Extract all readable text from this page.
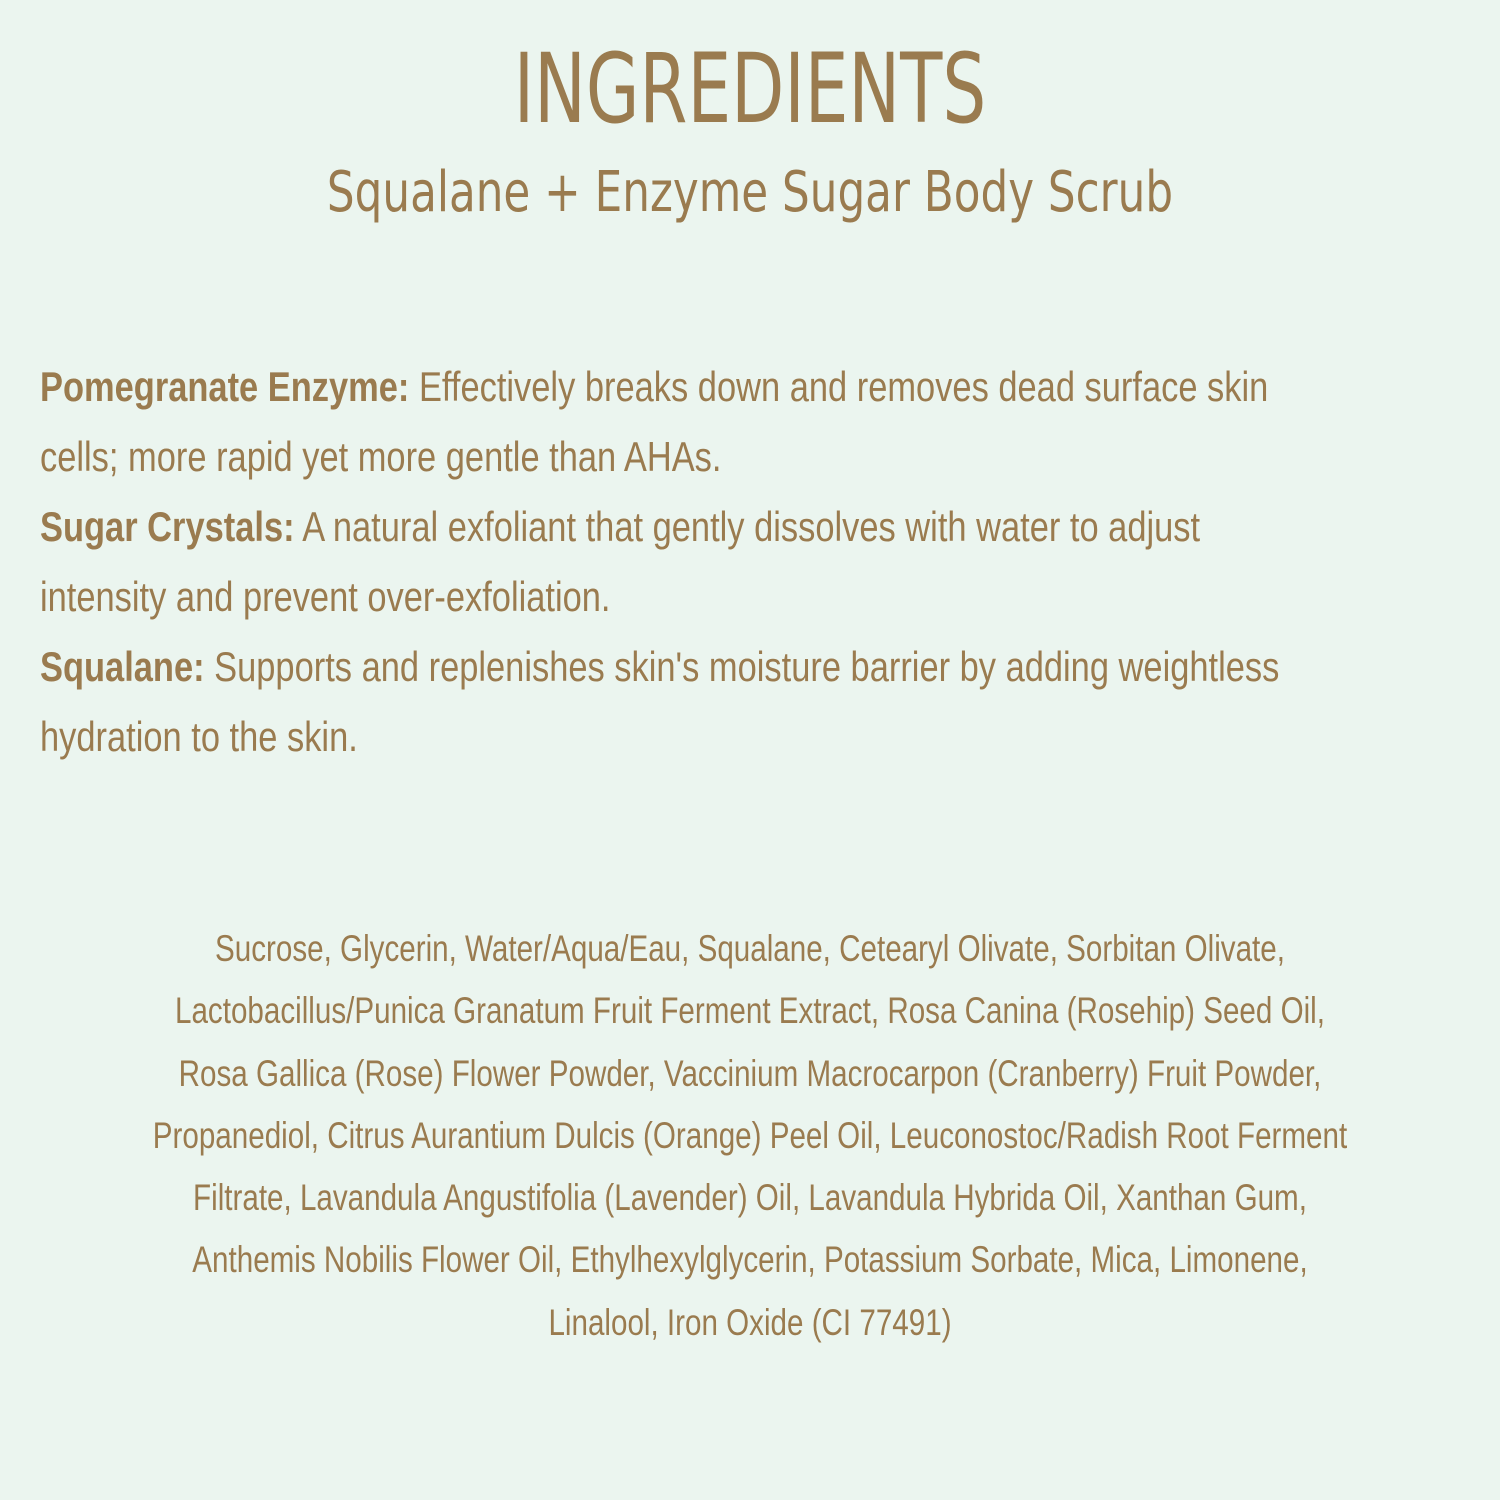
INGREDIENTS
Squalane + Enzyme Sugar Body Scrub
Pomegranate Enzyme: Effectively breaks down and removes dead surface skin
cells; more rapid yet more gentle than AHAs.
Sugar Crystals: A natural exfoliant that gently dissolves with water to adjust
intensity and prevent over-exfoliation.
Squalane: Supports and replenishes skin's moisture barrier by adding weightless
hydration to the skin.
Sucrose, Glycerin, Water/Aqua/Eau, Squalane, Cetearyl Olivate, Sorbitan Olivate,
Lactobacillus/Punica Granatum Fruit Ferment Extract, Rosa Canina (Rosehip) Seed Oil,
Rosa Gallica (Rose) Flower Powder, Vaccinium Macrocarpon (Cranberry) Fruit Powder,
Propanediol, Citrus Aurantium Dulcis (Orange) Peel Oil, Leuconostoc/Radish Root Ferment
Filtrate, Lavandula Angustifolia (Lavender) Oil, Lavandula Hybrida Oil, Xanthan Gum,
Anthemis Nobilis Flower Oil, Ethylhexylglycerin, Potassium Sorbate, Mica, Limonene,
Linalool, Iron Oxide (CI 77491)
